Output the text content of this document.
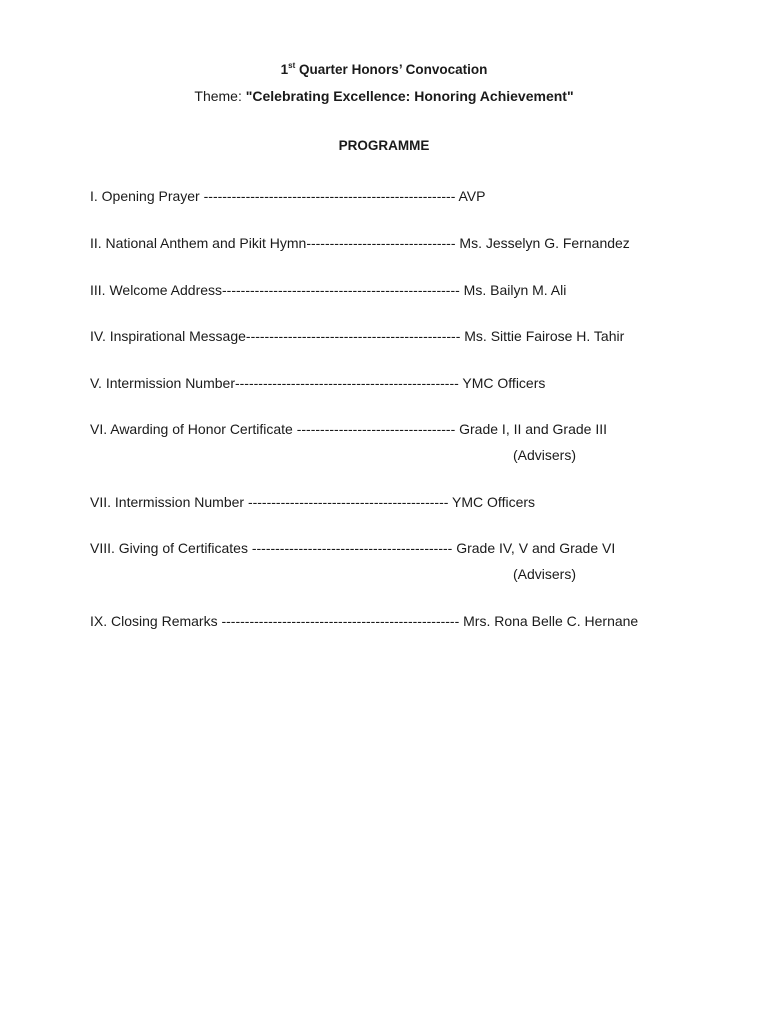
1st Quarter Honors’ Convocation
Theme: "Celebrating Excellence: Honoring Achievement"
PROGRAMME
I. Opening Prayer ------------------------------------------------------ AVP
II. National Anthem and Pikit Hymn-------------------------------- Ms. Jesselyn G. Fernandez
III. Welcome Address--------------------------------------------------- Ms. Bailyn M. Ali
IV. Inspirational Message---------------------------------------------- Ms. Sittie Fairose H. Tahir
V. Intermission Number------------------------------------------------ YMC Officers
VI. Awarding of Honor Certificate ---------------------------------- Grade I, II and Grade III
(Advisers)
VII. Intermission Number ------------------------------------------- YMC Officers
VIII. Giving of Certificates ------------------------------------------- Grade IV, V and Grade VI
(Advisers)
IX. Closing Remarks --------------------------------------------------- Mrs. Rona Belle C. Hernane
